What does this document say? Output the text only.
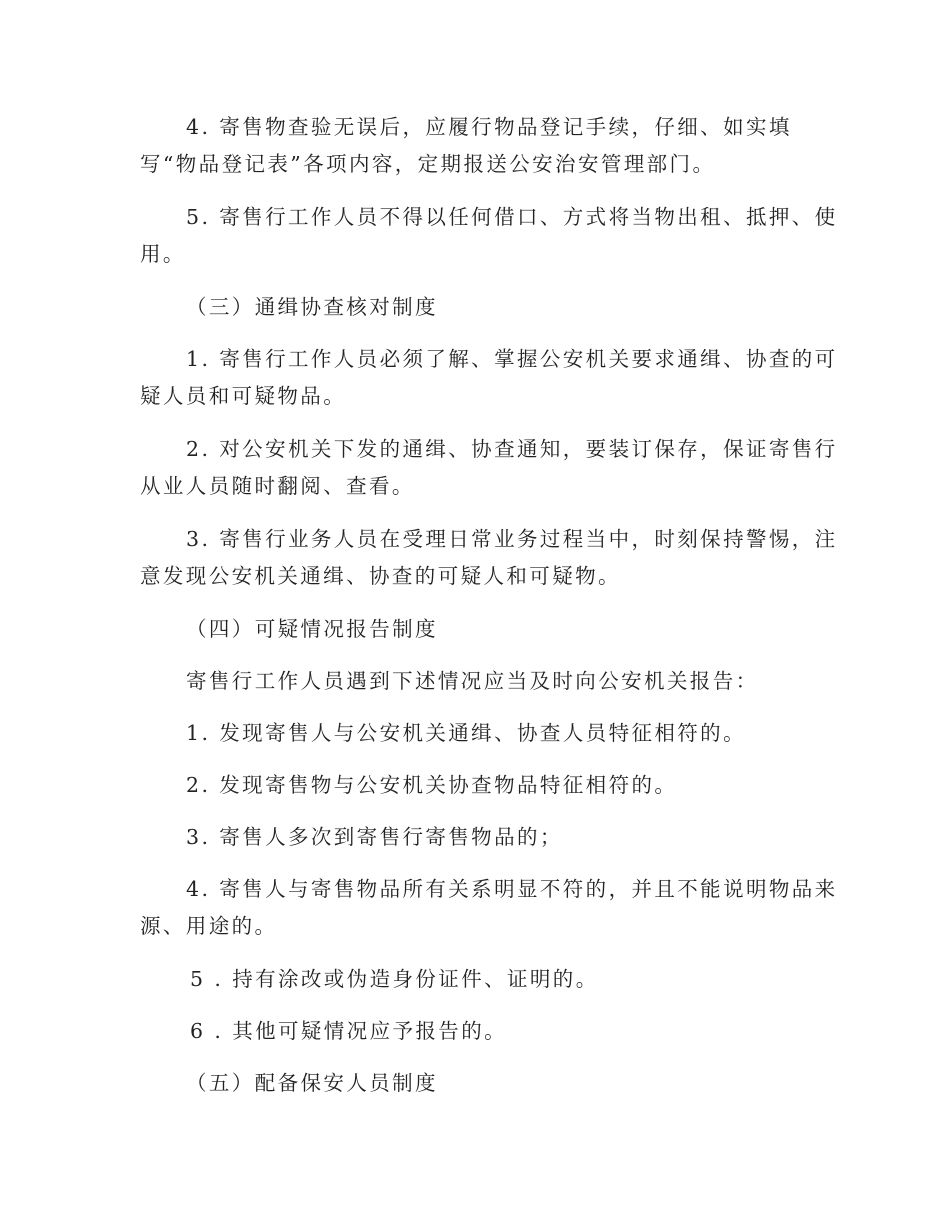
4. 寄售物查验无误后，应履行物品登记手续，仔细、如实填
写“物品登记表”各项内容，定期报送公安治安管理部门。
5. 寄售行工作人员不得以任何借口、方式将当物出租、抵押、使
用。
（三）通缉协查核对制度
1. 寄售行工作人员必须了解、掌握公安机关要求通缉、协查的可
疑人员和可疑物品。
2. 对公安机关下发的通缉、协查通知，要装订保存，保证寄售行
从业人员随时翻阅、查看。
3. 寄售行业务人员在受理日常业务过程当中，时刻保持警惕，注
意发现公安机关通缉、协查的可疑人和可疑物。
（四）可疑情况报告制度
寄售行工作人员遇到下述情况应当及时向公安机关报告：
1. 发现寄售人与公安机关通缉、协查人员特征相符的。
2. 发现寄售物与公安机关协查物品特征相符的。
3. 寄售人多次到寄售行寄售物品的；
4. 寄售人与寄售物品所有关系明显不符的，并且不能说明物品来
源、用途的。
5 . 持有涂改或伪造身份证件、证明的。
6 . 其他可疑情况应予报告的。
（五）配备保安人员制度
